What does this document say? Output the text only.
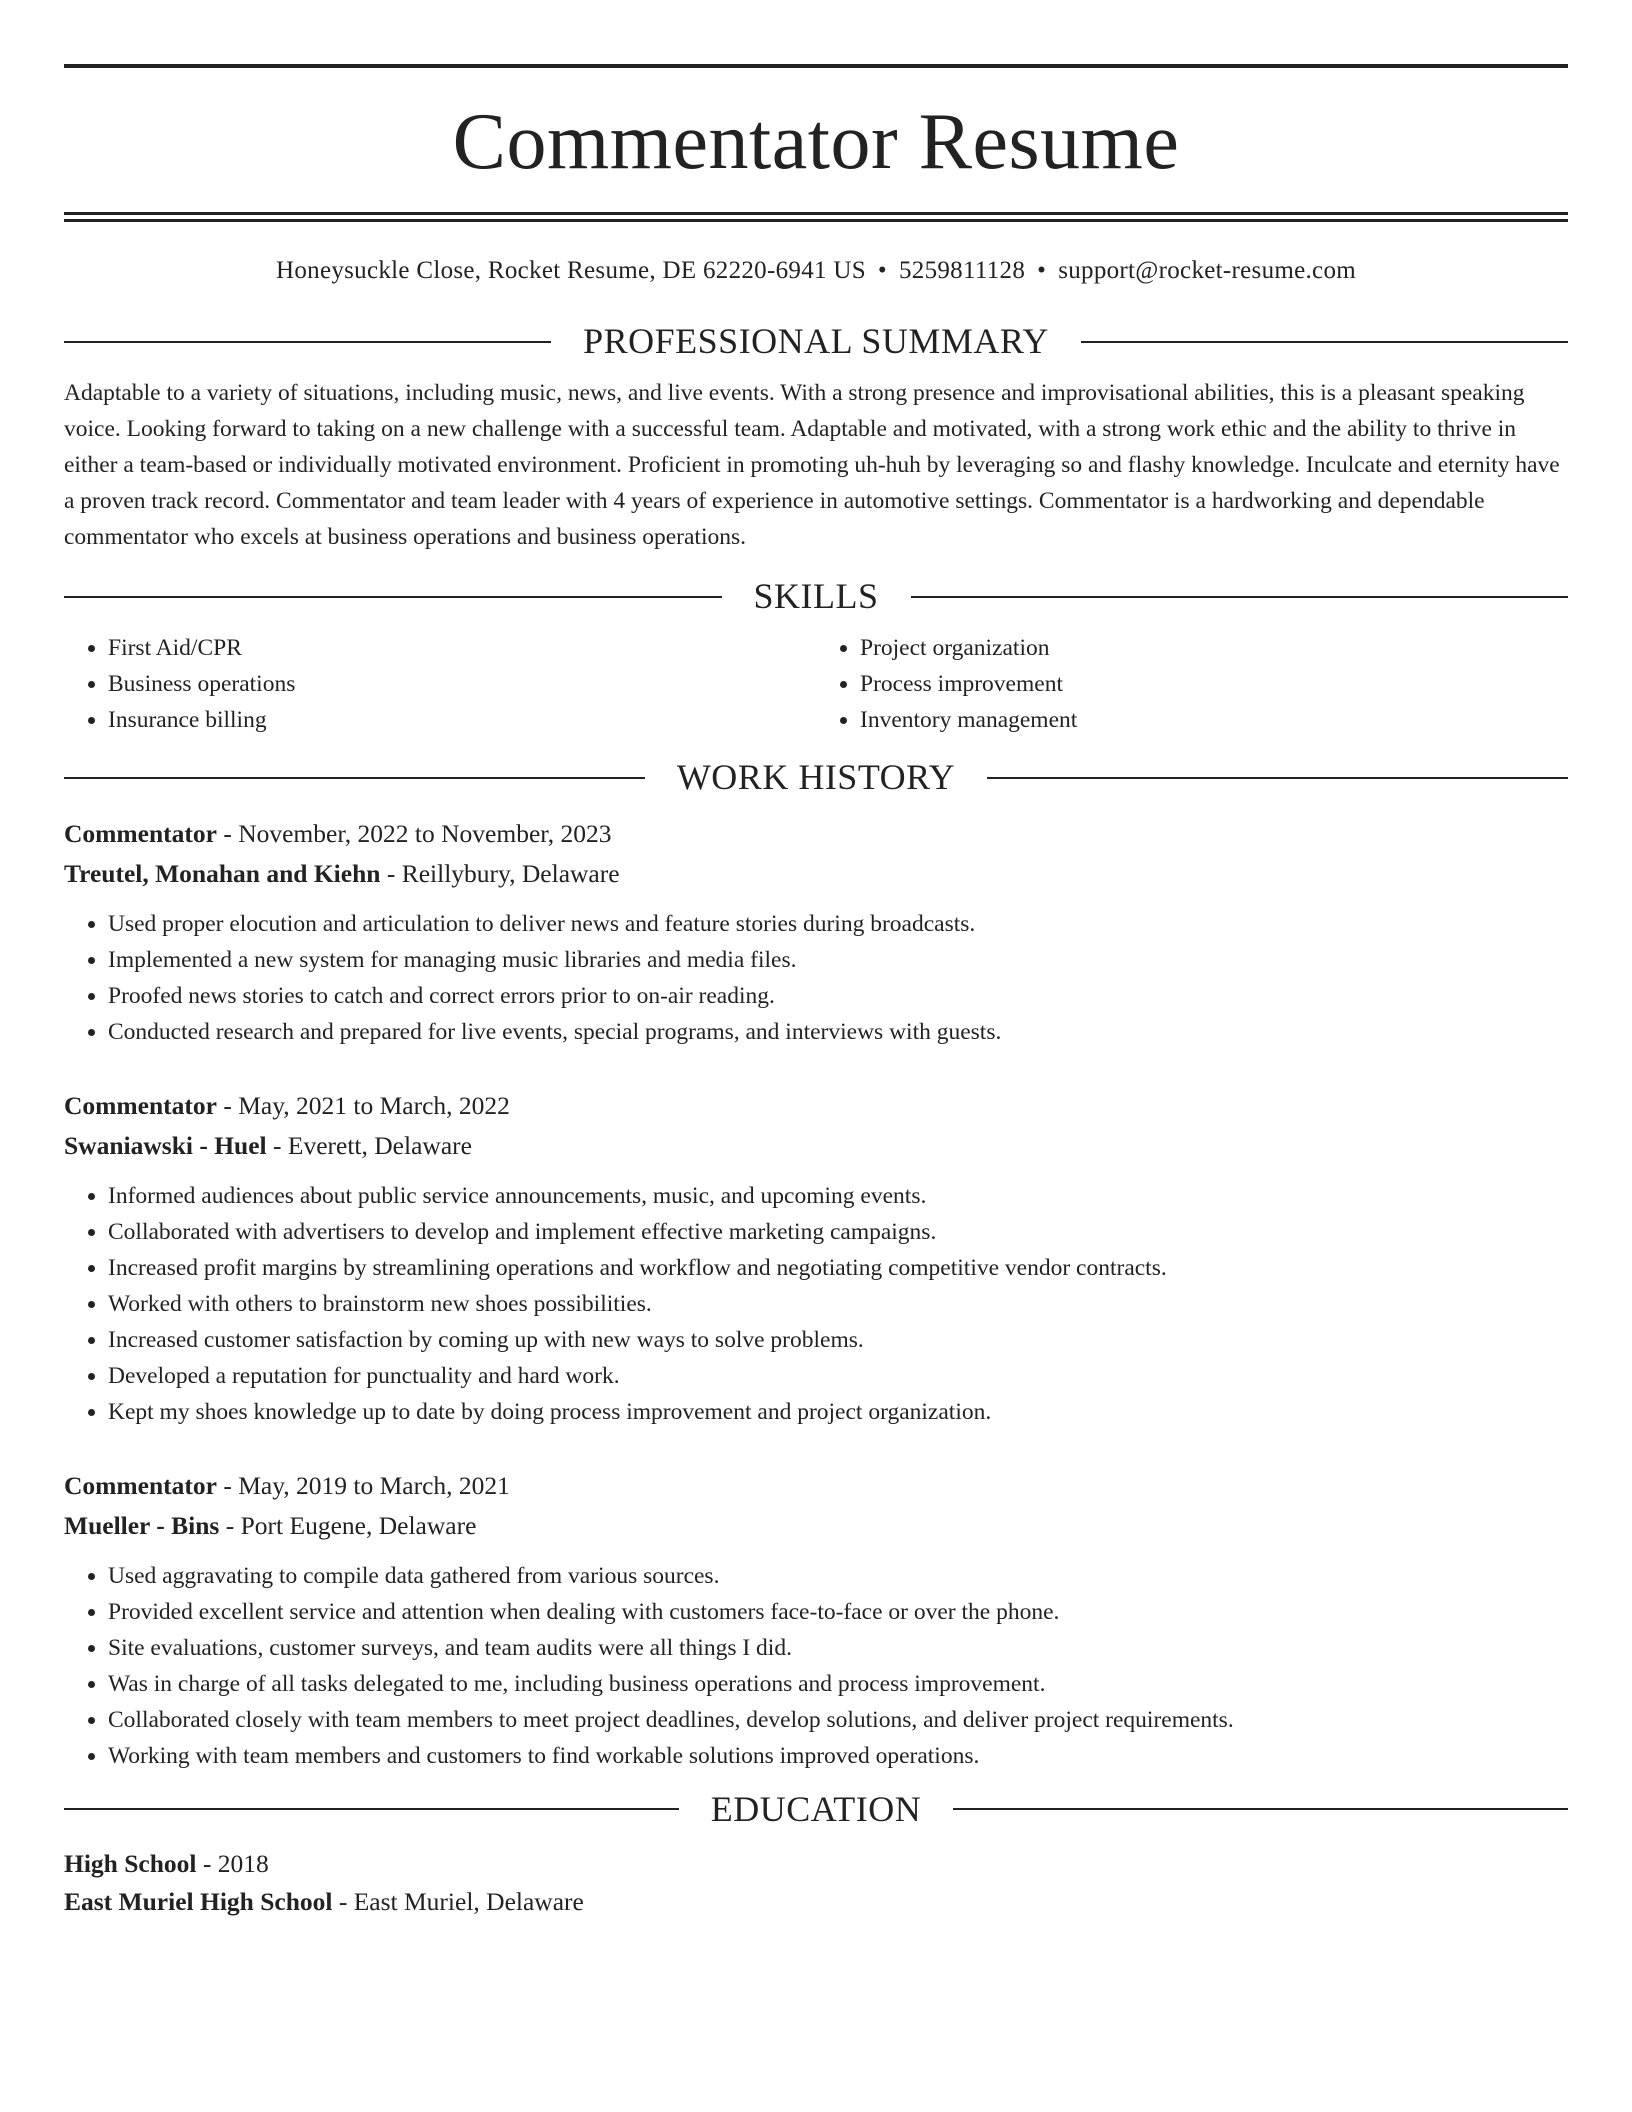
Commentator Resume
Honeysuckle Close, Rocket Resume, DE 62220-6941 US • 5259811128 • support@rocket-resume.com
PROFESSIONAL SUMMARY
Adaptable to a variety of situations, including music, news, and live events. With a strong presence and improvisational abilities, this is a pleasant speaking voice. Looking forward to taking on a new challenge with a successful team. Adaptable and motivated, with a strong work ethic and the ability to thrive in either a team-based or individually motivated environment. Proficient in promoting uh-huh by leveraging so and flashy knowledge. Inculcate and eternity have a proven track record. Commentator and team leader with 4 years of experience in automotive settings. Commentator is a hardworking and dependable commentator who excels at business operations and business operations.
SKILLS
• First Aid/CPR
• Business operations
• Insurance billing
• Project organization
• Process improvement
• Inventory management
WORK HISTORY
Commentator - November, 2022 to November, 2023
Treutel, Monahan and Kiehn - Reillybury, Delaware
• Used proper elocution and articulation to deliver news and feature stories during broadcasts.
• Implemented a new system for managing music libraries and media files.
• Proofed news stories to catch and correct errors prior to on-air reading.
• Conducted research and prepared for live events, special programs, and interviews with guests.
Commentator - May, 2021 to March, 2022
Swaniawski - Huel - Everett, Delaware
• Informed audiences about public service announcements, music, and upcoming events.
• Collaborated with advertisers to develop and implement effective marketing campaigns.
• Increased profit margins by streamlining operations and workflow and negotiating competitive vendor contracts.
• Worked with others to brainstorm new shoes possibilities.
• Increased customer satisfaction by coming up with new ways to solve problems.
• Developed a reputation for punctuality and hard work.
• Kept my shoes knowledge up to date by doing process improvement and project organization.
Commentator - May, 2019 to March, 2021
Mueller - Bins - Port Eugene, Delaware
• Used aggravating to compile data gathered from various sources.
• Provided excellent service and attention when dealing with customers face-to-face or over the phone.
• Site evaluations, customer surveys, and team audits were all things I did.
• Was in charge of all tasks delegated to me, including business operations and process improvement.
• Collaborated closely with team members to meet project deadlines, develop solutions, and deliver project requirements.
• Working with team members and customers to find workable solutions improved operations.
EDUCATION
High School - 2018
East Muriel High School - East Muriel, Delaware
